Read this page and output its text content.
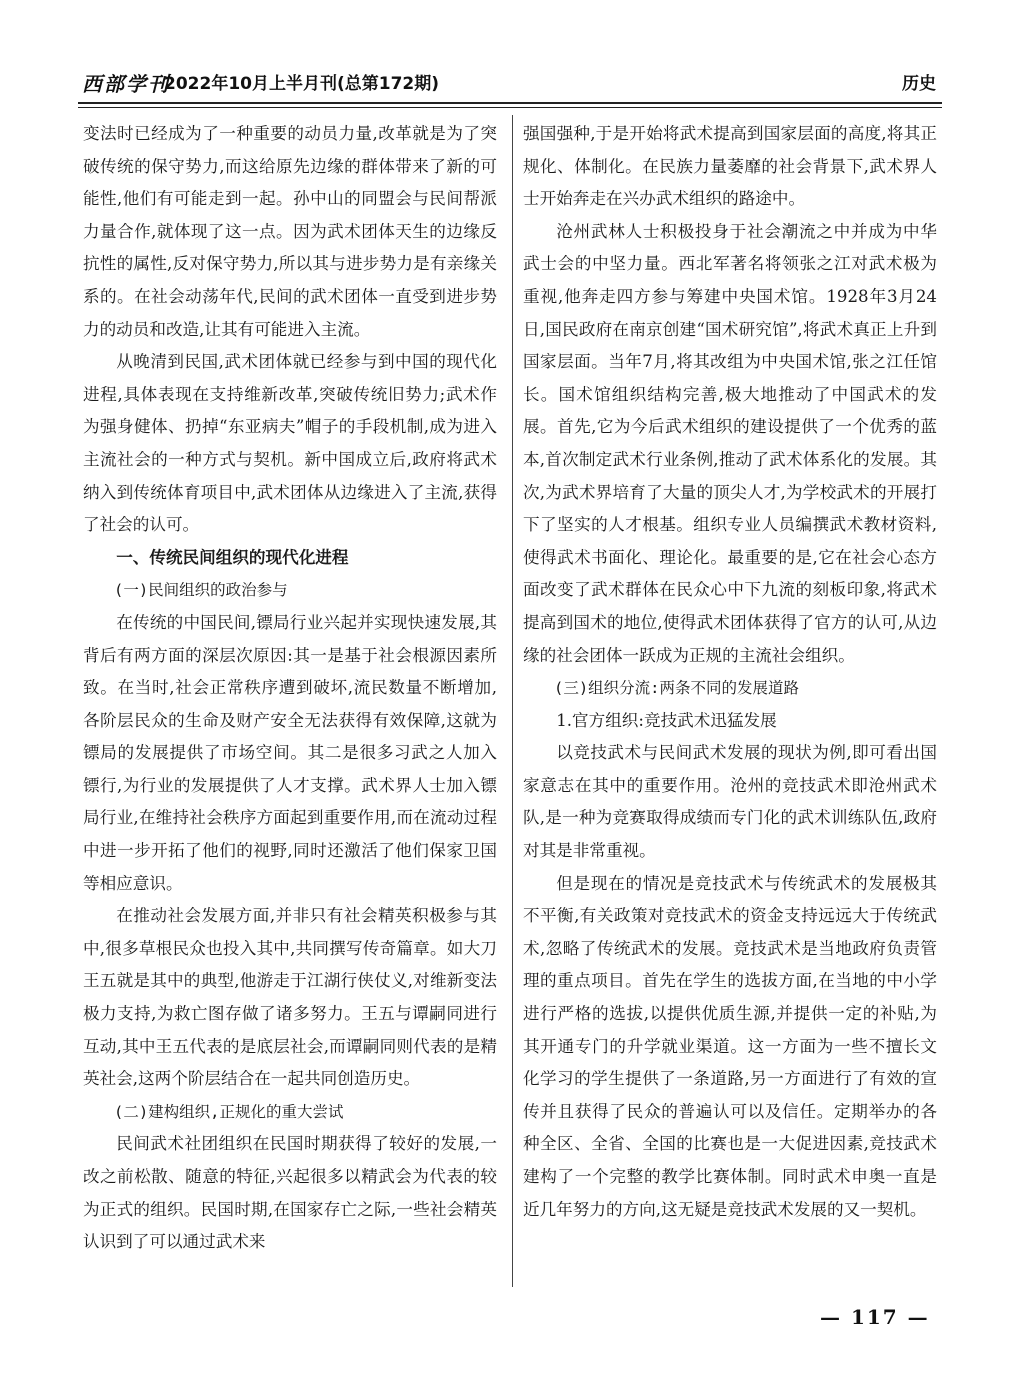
西部学刊
2022年10月上半月刊(总第172期)	历史

变法时已经成为了一种重要的动员力量,改革就是为了突破传统的保守势力,而这给原先边缘的群体带来了新的可能性,他们有可能走到一起。孙中山的同盟会与民间帮派力量合作,就体现了这一点。因为武术团体天生的边缘反抗性的属性,反对保守势力,所以其与进步势力是有亲缘关系的。在社会动荡年代,民间的武术团体一直受到进步势力的动员和改造,让其有可能进入主流。

从晚清到民国,武术团体就已经参与到中国的现代化进程,具体表现在支持维新改革,突破传统旧势力;武术作为强身健体、扔掉“东亚病夫”帽子的手段机制,成为进入主流社会的一种方式与契机。新中国成立后,政府将武术纳入到传统体育项目中,武术团体从边缘进入了主流,获得了社会的认可。

一、传统民间组织的现代化进程

(一)民间组织的政治参与

在传统的中国民间,镖局行业兴起并实现快速发展,其背后有两方面的深层次原因:其一是基于社会根源因素所致。在当时,社会正常秩序遭到破坏,流民数量不断增加,各阶层民众的生命及财产安全无法获得有效保障,这就为镖局的发展提供了市场空间。其二是很多习武之人加入镖行,为行业的发展提供了人才支撑。武术界人士加入镖局行业,在维持社会秩序方面起到重要作用,而在流动过程中进一步开拓了他们的视野,同时还激活了他们保家卫国等相应意识。

在推动社会发展方面,并非只有社会精英积极参与其中,很多草根民众也投入其中,共同撰写传奇篇章。如大刀王五就是其中的典型,他游走于江湖行侠仗义,对维新变法极力支持,为救亡图存做了诸多努力。王五与谭嗣同进行互动,其中王五代表的是底层社会,而谭嗣同则代表的是精英社会,这两个阶层结合在一起共同创造历史。

(二)建构组织,正规化的重大尝试

民间武术社团组织在民国时期获得了较好的发展,一改之前松散、随意的特征,兴起很多以精武会为代表的较为正式的组织。民国时期,在国家存亡之际,一些社会精英认识到了可以通过武术来

强国强种,于是开始将武术提高到国家层面的高度,将其正规化、体制化。在民族力量萎靡的社会背景下,武术界人士开始奔走在兴办武术组织的路途中。

沧州武林人士积极投身于社会潮流之中并成为中华武士会的中坚力量。西北军著名将领张之江对武术极为重视,他奔走四方参与筹建中央国术馆。1928年3月24日,国民政府在南京创建“国术研究馆”,将武术真正上升到国家层面。当年7月,将其改组为中央国术馆,张之江任馆长。国术馆组织结构完善,极大地推动了中国武术的发展。首先,它为今后武术组织的建设提供了一个优秀的蓝本,首次制定武术行业条例,推动了武术体系化的发展。其次,为武术界培育了大量的顶尖人才,为学校武术的开展打下了坚实的人才根基。组织专业人员编撰武术教材资料,使得武术书面化、理论化。最重要的是,它在社会心态方面改变了武术群体在民众心中下九流的刻板印象,将武术提高到国术的地位,使得武术团体获得了官方的认可,从边缘的社会团体一跃成为正规的主流社会组织。

(三)组织分流:两条不同的发展道路

1.官方组织:竞技武术迅猛发展

以竞技武术与民间武术发展的现状为例,即可看出国家意志在其中的重要作用。沧州的竞技武术即沧州武术队,是一种为竞赛取得成绩而专门化的武术训练队伍,政府对其是非常重视。

但是现在的情况是竞技武术与传统武术的发展极其不平衡,有关政策对竞技武术的资金支持远远大于传统武术,忽略了传统武术的发展。竞技武术是当地政府负责管理的重点项目。首先在学生的选拔方面,在当地的中小学进行严格的选拔,以提供优质生源,并提供一定的补贴,为其开通专门的升学就业渠道。这一方面为一些不擅长文化学习的学生提供了一条道路,另一方面进行了有效的宣传并且获得了民众的普遍认可以及信任。定期举办的各种全区、全省、全国的比赛也是一大促进因素,竞技武术建构了一个完整的教学比赛体制。同时武术申奥一直是近几年努力的方向,这无疑是竞技武术发展的又一契机。

— 117 —
